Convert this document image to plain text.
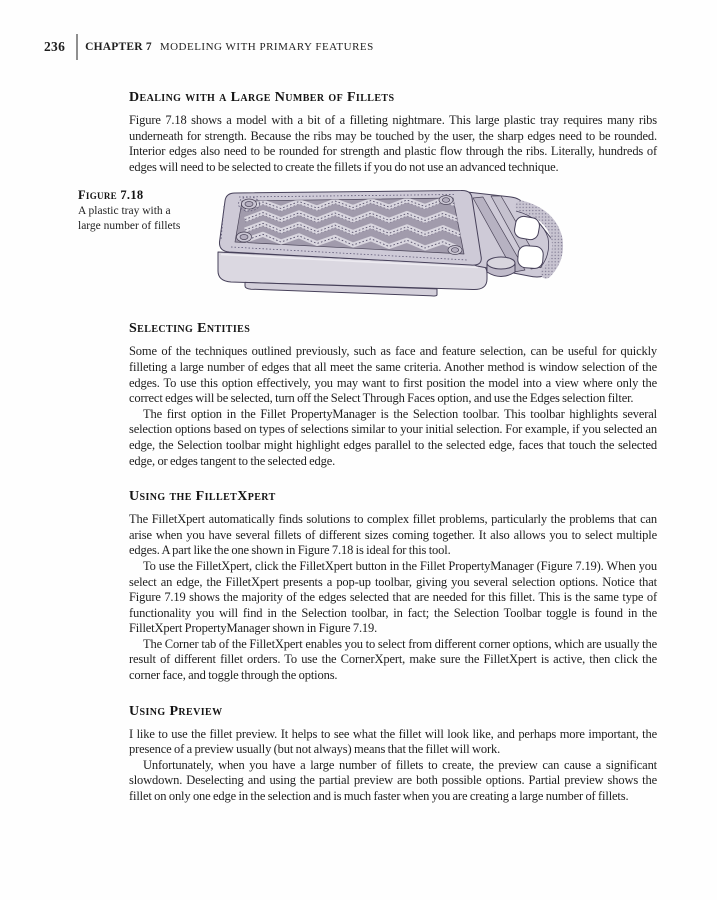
236 CHAPTER 7 MODELING WITH PRIMARY FEATURES
Dealing with a Large Number of Fillets

Figure 7.18 shows a model with a bit of a filleting nightmare. This large plastic tray requires many ribs underneath for strength. Because the ribs may be touched by the user, the sharp edges need to be rounded. Interior edges also need to be rounded for strength and plastic flow through the ribs. Literally, hundreds of edges will need to be selected to create the fillets if you do not use an advanced technique.

Figure 7.18
A plastic tray with a large number of fillets
Selecting Entities

Some of the techniques outlined previously, such as face and feature selection, can be useful for quickly filleting a large number of edges that all meet the same criteria. Another method is window selection of the edges. To use this option effectively, you may want to first position the model into a view where only the correct edges will be selected, turn off the Select Through Faces option, and use the Edges selection filter.

The first option in the Fillet PropertyManager is the Selection toolbar. This toolbar highlights several selection options based on types of selections similar to your initial selection. For example, if you selected an edge, the Selection toolbar might highlight edges parallel to the selected edge, faces that touch the selected edge, or edges tangent to the selected edge.

Using the FilletXpert

The FilletXpert automatically finds solutions to complex fillet problems, particularly the problems that can arise when you have several fillets of different sizes coming together. It also allows you to select multiple edges. A part like the one shown in Figure 7.18 is ideal for this tool.

To use the FilletXpert, click the FilletXpert button in the Fillet PropertyManager (Figure 7.19). When you select an edge, the FilletXpert presents a pop-up toolbar, giving you several selection options. Notice that Figure 7.19 shows the majority of the edges selected that are needed for this fillet. This is the same type of functionality you will find in the Selection toolbar, in fact; the Selection Toolbar toggle is found in the FilletXpert PropertyManager shown in Figure 7.19.

The Corner tab of the FilletXpert enables you to select from different corner options, which are usually the result of different fillet orders. To use the CornerXpert, make sure the FilletXpert is active, then click the corner face, and toggle through the options.

Using Preview

I like to use the fillet preview. It helps to see what the fillet will look like, and perhaps more important, the presence of a preview usually (but not always) means that the fillet will work.

Unfortunately, when you have a large number of fillets to create, the preview can cause a significant slowdown. Deselecting and using the partial preview are both possible options. Partial preview shows the fillet on only one edge in the selection and is much faster when you are creating a large number of fillets.
